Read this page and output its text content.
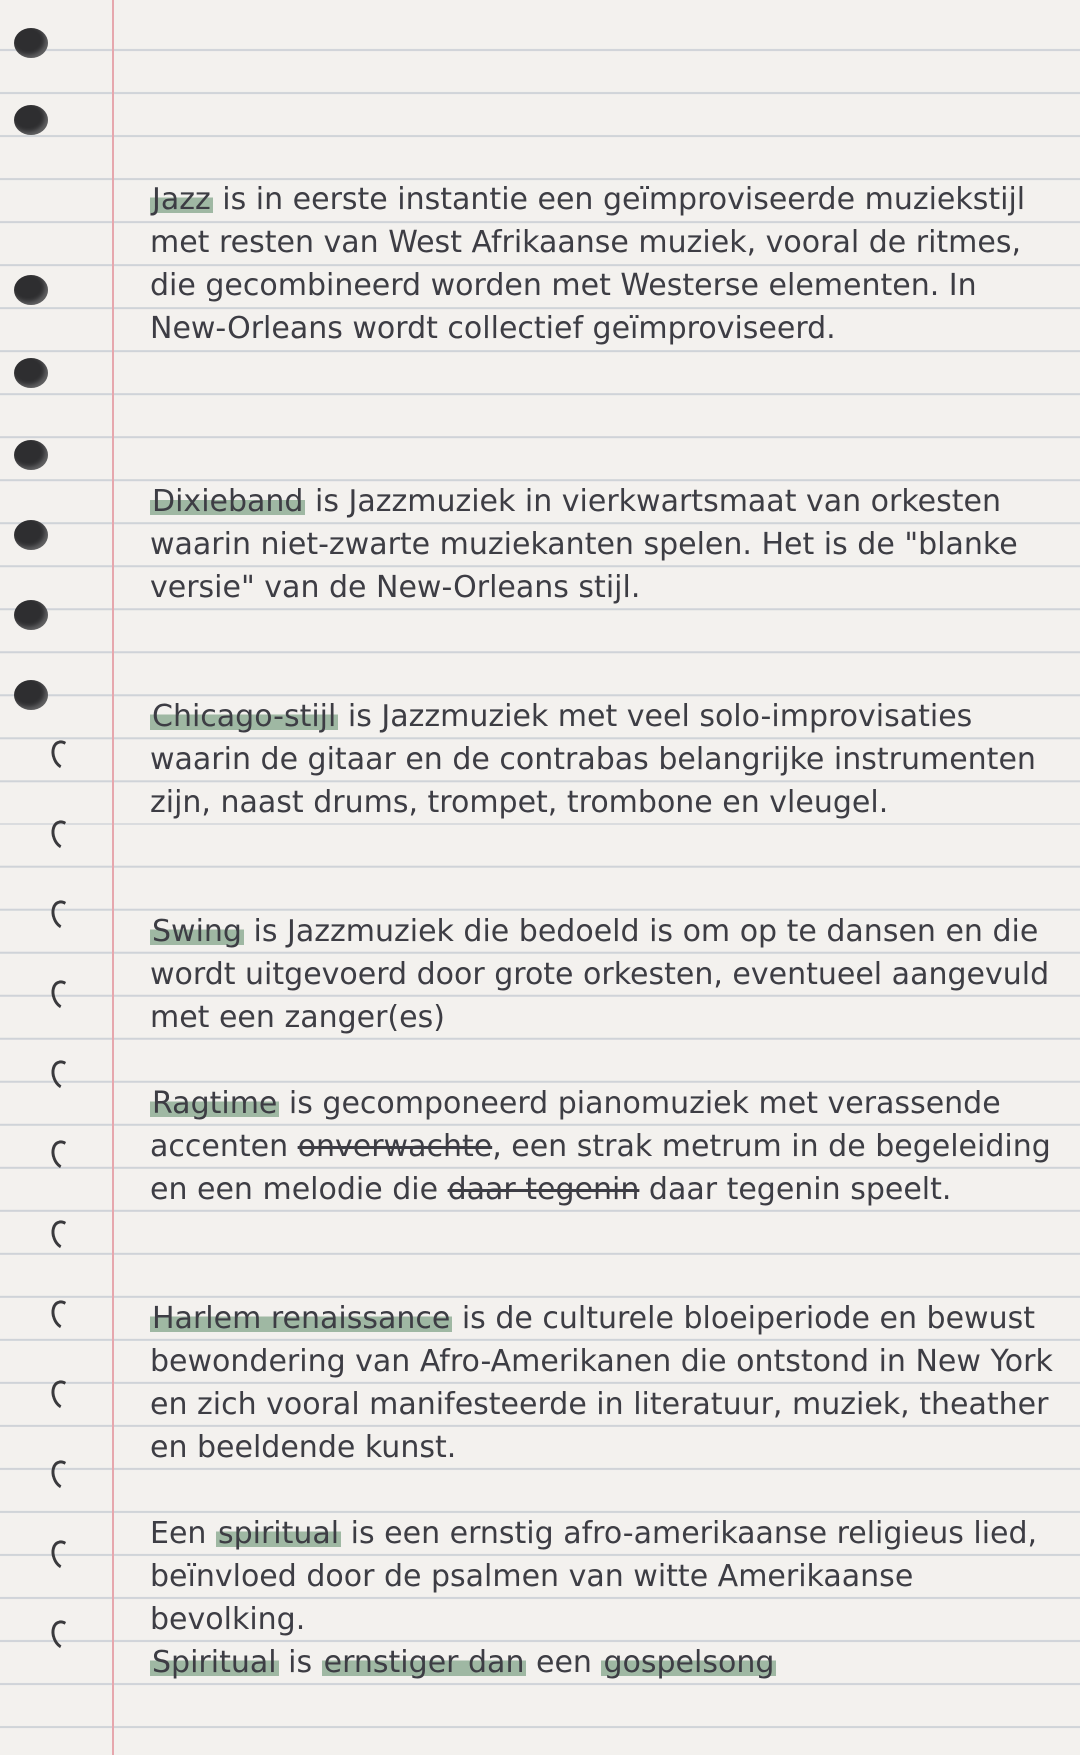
Jazz is in eerste instantie een geïmproviseerde muziekstijl met resten van West Afrikaanse muziek, vooral de ritmes, die gecombineerd worden met Westerse elementen. In New-Orleans wordt collectief geïmproviseerd.

Dixieband is Jazzmuziek in vierkwartsmaat van orkesten waarin niet-zwarte muziekanten spelen. Het is de "blanke versie" van de New-Orleans stijl.

Chicago-stijl is Jazzmuziek met veel solo-improvisaties waarin de gitaar en de contrabas belangrijke instrumenten zijn, naast drums, trompet, trombone en vleugel.

Swing is Jazzmuziek die bedoeld is om op te dansen en die wordt uitgevoerd door grote orkesten, eventueel aangevuld met een zanger(es)

Ragtime is gecomponeerd pianomuziek met verassende accenten onverwachte, een strak metrum in de begeleiding en een melodie die daar tegenin daar tegenin speelt.

Harlem renaissance is de culturele bloeiperiode en bewust bewondering van Afro-Amerikanen die ontstond in New York en zich vooral manifesteerde in literatuur, muziek, theather en beeldende kunst.

Een spiritual is een ernstig afro-amerikaanse religieus lied, beïnvloed door de psalmen van witte Amerikaanse bevolking.
Spiritual is ernstiger dan een gospelsong
